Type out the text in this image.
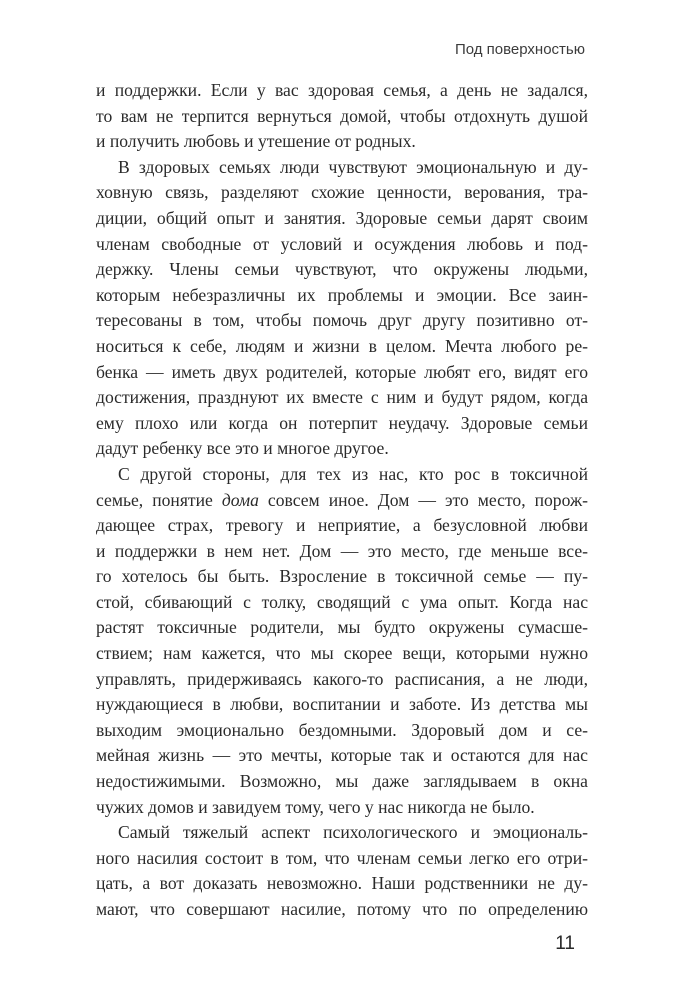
Под поверхностью
и поддержки. Если у вас здоровая семья, а день не задался,
то вам не терпится вернуться домой, чтобы отдохнуть душой
и получить любовь и утешение от родных.
В здоровых семьях люди чувствуют эмоциональную и ду-
ховную связь, разделяют схожие ценности, верования, тра-
диции, общий опыт и занятия. Здоровые семьи дарят своим
членам свободные от условий и осуждения любовь и под-
держку. Члены семьи чувствуют, что окружены людьми,
которым небезразличны их проблемы и эмоции. Все заин-
тересованы в том, чтобы помочь друг другу позитивно от-
носиться к себе, людям и жизни в целом. Мечта любого ре-
бенка — иметь двух родителей, которые любят его, видят его
достижения, празднуют их вместе с ним и будут рядом, когда
ему плохо или когда он потерпит неудачу. Здоровые семьи
дадут ребенку все это и многое другое.
С другой стороны, для тех из нас, кто рос в токсичной
семье, понятие дома совсем иное. Дом — это место, порож-
дающее страх, тревогу и неприятие, а безусловной любви
и поддержки в нем нет. Дом — это место, где меньше все-
го хотелось бы быть. Взросление в токсичной семье — пу-
стой, сбивающий с толку, сводящий с ума опыт. Когда нас
растят токсичные родители, мы будто окружены сумасше-
ствием; нам кажется, что мы скорее вещи, которыми нужно
управлять, придерживаясь какого-то расписания, а не люди,
нуждающиеся в любви, воспитании и заботе. Из детства мы
выходим эмоционально бездомными. Здоровый дом и се-
мейная жизнь — это мечты, которые так и остаются для нас
недостижимыми. Возможно, мы даже заглядываем в окна
чужих домов и завидуем тому, чего у нас никогда не было.
Самый тяжелый аспект психологического и эмоциональ-
ного насилия состоит в том, что членам семьи легко его отри-
цать, а вот доказать невозможно. Наши родственники не ду-
мают, что совершают насилие, потому что по определению
11
